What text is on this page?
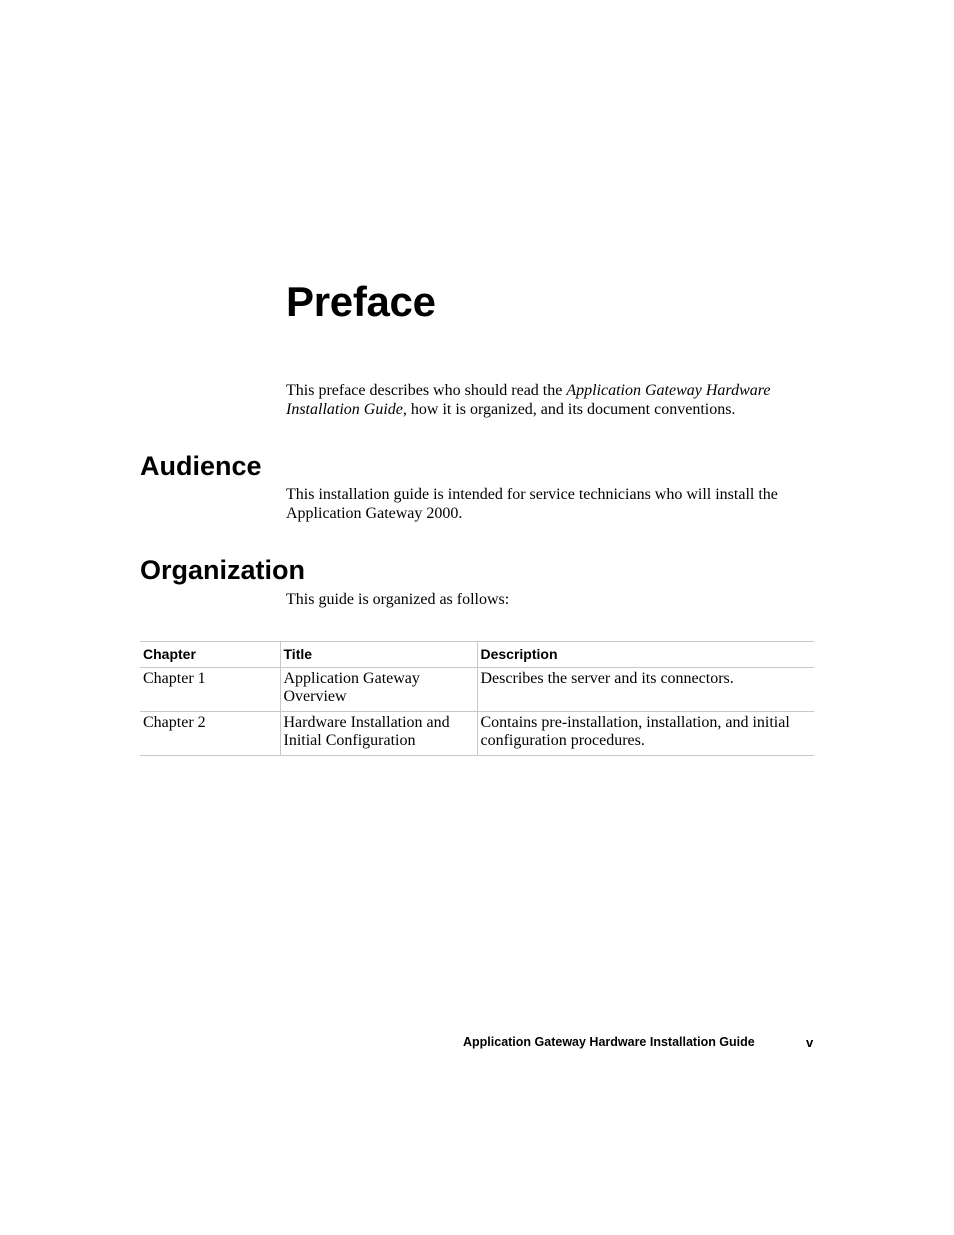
Preface

This preface describes who should read the Application Gateway Hardware Installation Guide, how it is organized, and its document conventions.

Audience

This installation guide is intended for service technicians who will install the Application Gateway 2000.

Organization

This guide is organized as follows:

Chapter	Title	Description
Chapter 1	Application Gateway Overview	Describes the server and its connectors.
Chapter 2	Hardware Installation and Initial Configuration	Contains pre-installation, installation, and initial configuration procedures.
Application Gateway Hardware Installation Guide	v
